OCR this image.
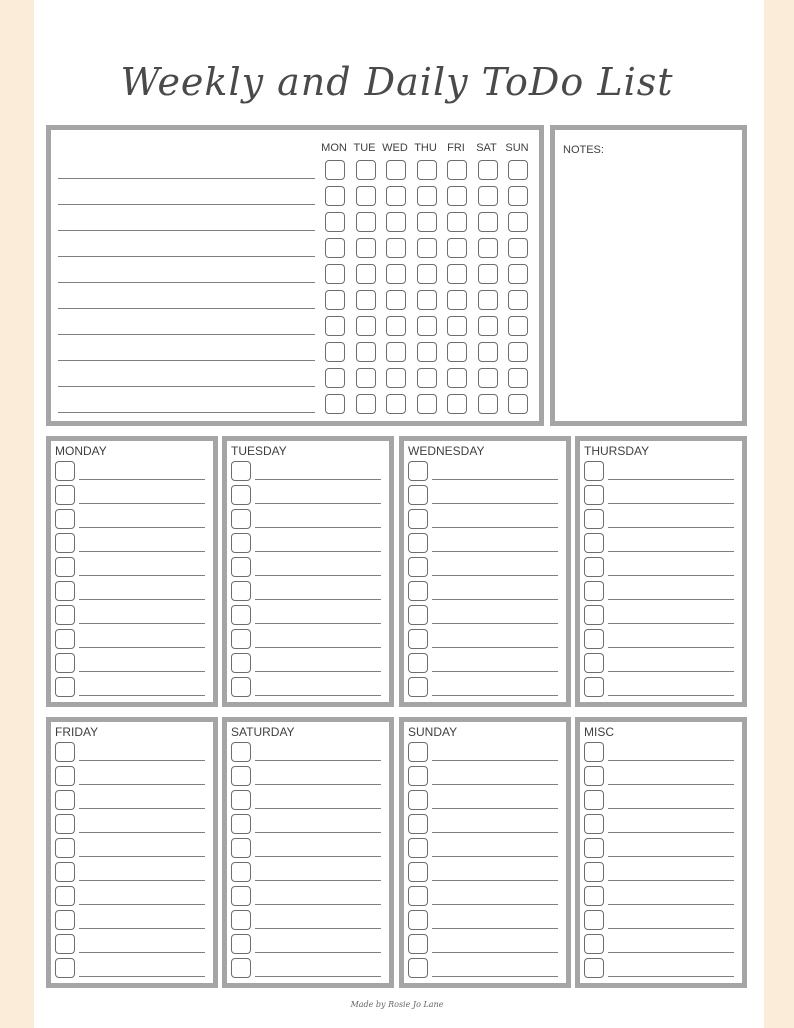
Weekly and Daily ToDo List
MON TUE WED THU FRI	SAT SUN	NOTES:
MONDAY	TUESDAY	WEDNESDAY	THURSDAY
FRIDAY	SATURDAY	SUNDAY	MISC
Made by Rosie Jo Lane
